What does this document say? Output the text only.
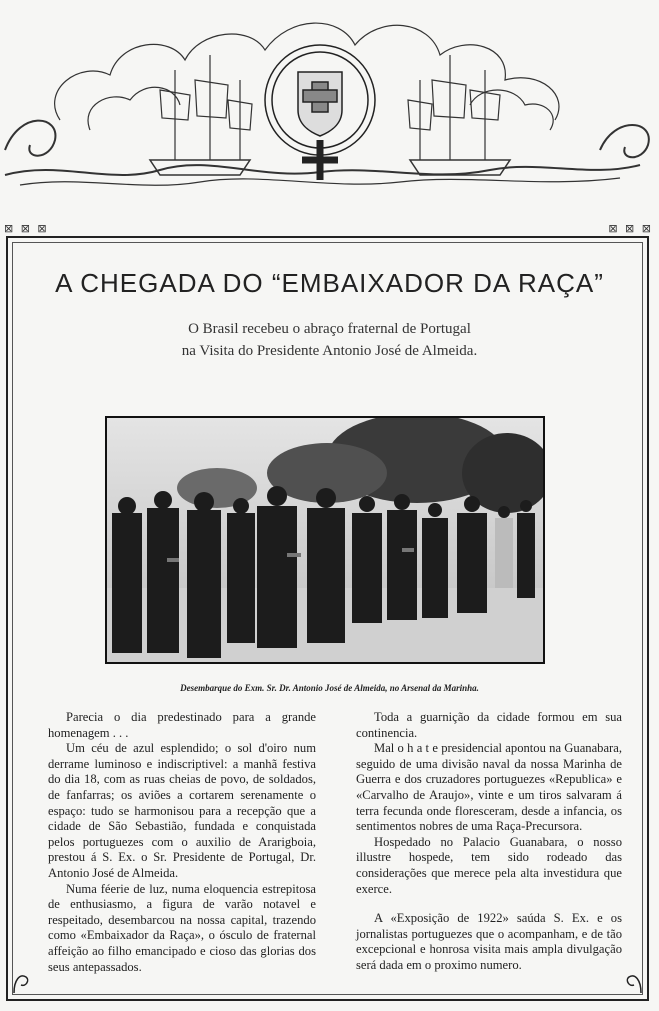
⊠ ⊠ ⊠	⊠ ⊠ ⊠
A CHEGADA DO “EMBAIXADOR DA RAÇA”
O Brasil recebeu o abraço fraternal de Portugal
na Visita do Presidente Antonio José de Almeida.
Desembarque do Exm. Sr. Dr. Antonio José de Almeida, no Arsenal da Marinha.

Parecia o dia predestinado para a grande homenagem . . .

Um céu de azul esplendido; o sol d'oiro num derrame luminoso e indiscriptivel: a manhã festiva do dia 18, com as ruas cheias de povo, de soldados, de fanfarras; os aviões a cortarem serenamente o espaço: tudo se harmonisou para a recepção que a cidade de São Sebastião, fundada e conquistada pelos portuguezes com o auxilio de Ararigboia, prestou á S. Ex. o Sr. Presidente de Portugal, Dr. Antonio José de Almeida.

Numa féerie de luz, numa eloquencia estrepitosa de enthusiasmo, a figura de varão notavel e respeitado, desembarcou na nossa capital, trazendo como «Embaixador da Raça», o ósculo de fraternal affeição ao filho emancipado e cioso das glorias dos seus antepassados.

Toda a guarnição da cidade formou em sua continencia.

Mal o h a t e presidencial apontou na Guanabara, seguido de uma divisão naval da nossa Marinha de Guerra e dos cruzadores portuguezes «Republica» e «Carvalho de Araujo», vinte e um tiros salvaram á terra fecunda onde floresceram, desde a infancia, os sentimentos nobres de uma Raça-Precursora.

Hospedado no Palacio Guanabara, o nosso illustre hospede, tem sido rodeado das considerações que merece pela alta investidura que exerce.

A «Exposição de 1922» saúda S. Ex. e os jornalistas portuguezes que o acompanham, e de tão excepcional e honrosa visita mais ampla divulgação será dada em o proximo numero.
